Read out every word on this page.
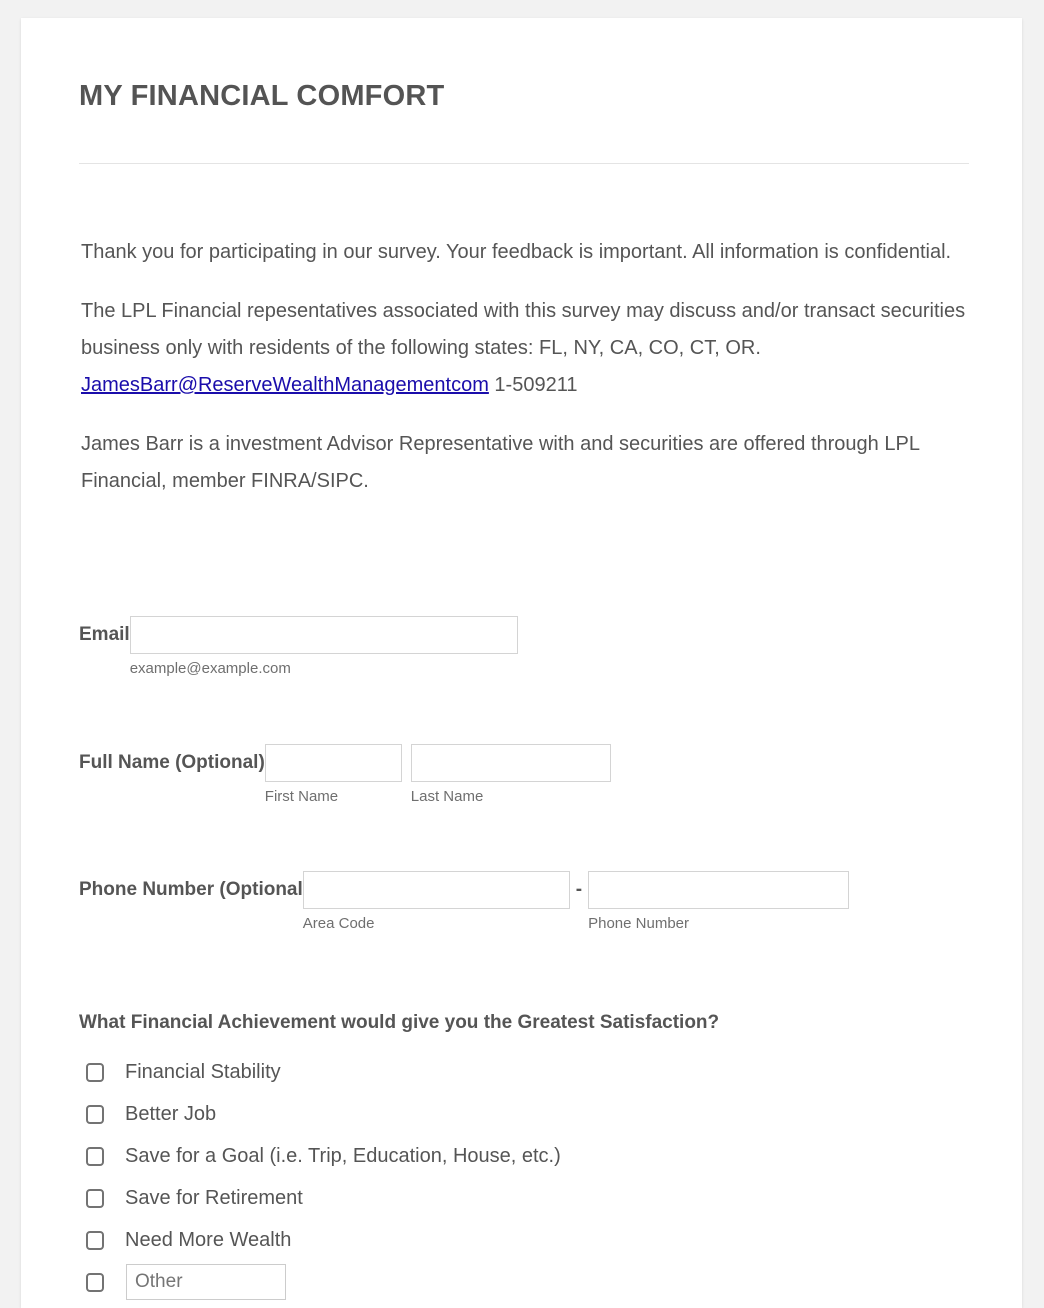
MY FINANCIAL COMFORT

Thank you for participating in our survey. Your feedback is important. All information is confidential.

The LPL Financial repesentatives associated with this survey may discuss and/or transact securities business only with residents of the following states: FL, NY, CA, CO, CT, OR. JamesBarr@ReserveWealthManagementcom 1-509211

James Barr is a investment Advisor Representative with and securities are offered through LPL Financial, member FINRA/SIPC.

Email
example@example.com
Full Name (Optional)
First Name	Last Name
Phone Number (Optional
Area Code
-
Phone Number
What Financial Achievement would give you the Greatest Satisfaction?
Financial Stability
Better Job
Save for a Goal (i.e. Trip, Education, House, etc.)
Save for Retirement
Need More Wealth
Other
